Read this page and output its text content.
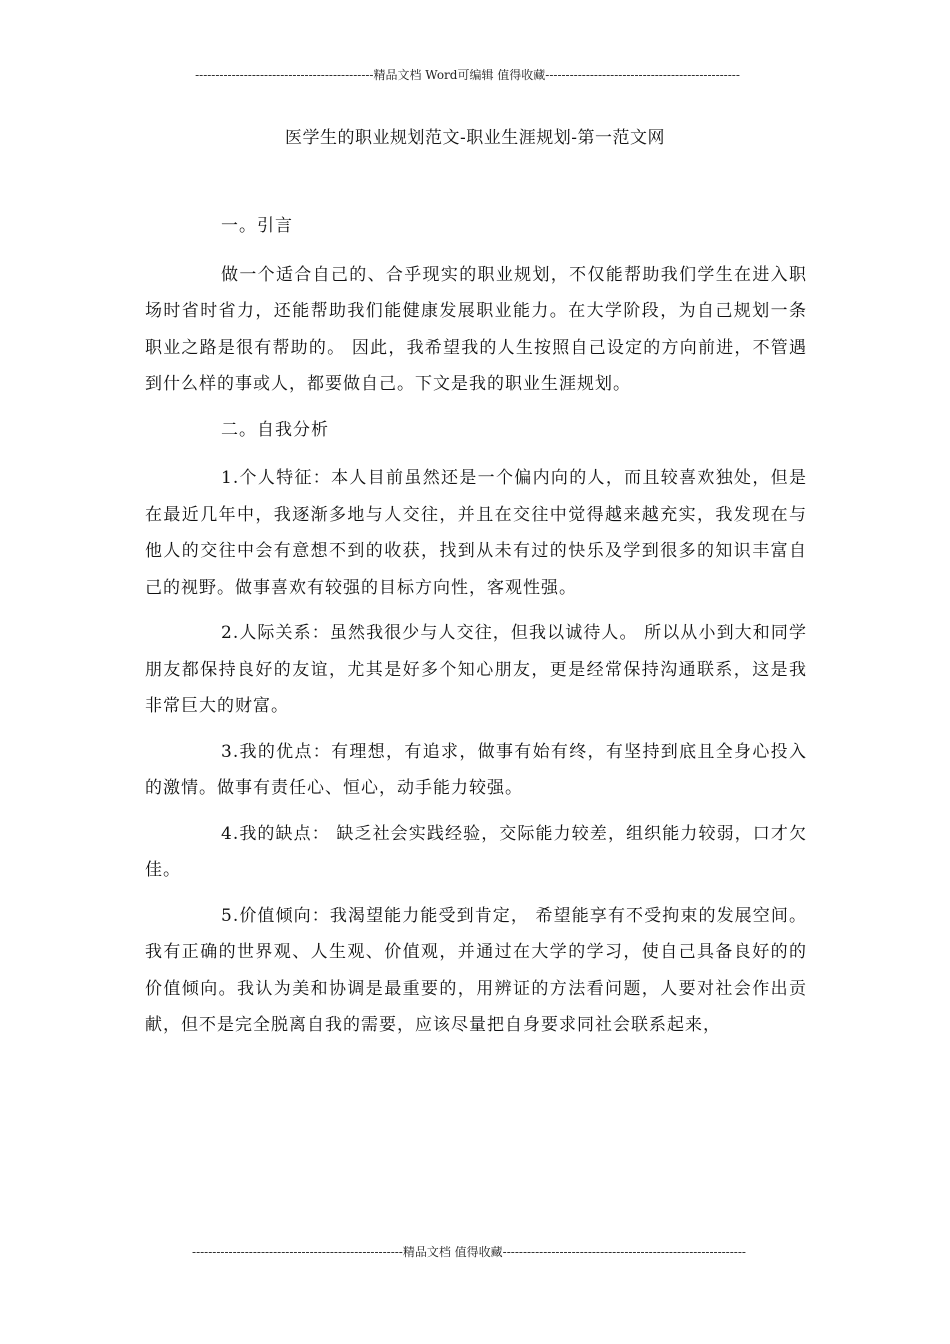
--------------------------------------------精品文档 Word可编辑 值得收藏------------------------------------------------
医学生的职业规划范文-职业生涯规划-第一范文网

一。引言

做一个适合自己的、合乎现实的职业规划，不仅能帮助我们学生在进入职场时省时省力，还能帮助我们能健康发展职业能力。在大学阶段，为自己规划一条职业之路是很有帮助的。 因此，我希望我的人生按照自己设定的方向前进，不管遇到什么样的事或人，都要做自己。下文是我的职业生涯规划。

二。自我分析

1.个人特征：本人目前虽然还是一个偏内向的人，而且较喜欢独处，但是在最近几年中，我逐渐多地与人交往，并且在交往中觉得越来越充实，我发现在与他人的交往中会有意想不到的收获，找到从未有过的快乐及学到很多的知识丰富自己的视野。做事喜欢有较强的目标方向性，客观性强。

2.人际关系：虽然我很少与人交往，但我以诚待人。 所以从小到大和同学朋友都保持良好的友谊，尤其是好多个知心朋友，更是经常保持沟通联系，这是我非常巨大的财富。

3.我的优点：有理想，有追求，做事有始有终，有坚持到底且全身心投入的激情。做事有责任心、恒心，动手能力较强。

4.我的缺点： 缺乏社会实践经验，交际能力较差，组织能力较弱，口才欠佳。

5.价值倾向：我渴望能力能受到肯定， 希望能享有不受拘束的发展空间。我有正确的世界观、人生观、价值观，并通过在大学的学习，使自己具备良好的的价值倾向。我认为美和协调是最重要的，用辨证的方法看问题，人要对社会作出贡献，但不是完全脱离自我的需要，应该尽量把自身要求同社会联系起来，

----------------------------------------------------精品文档 值得收藏------------------------------------------------------------
